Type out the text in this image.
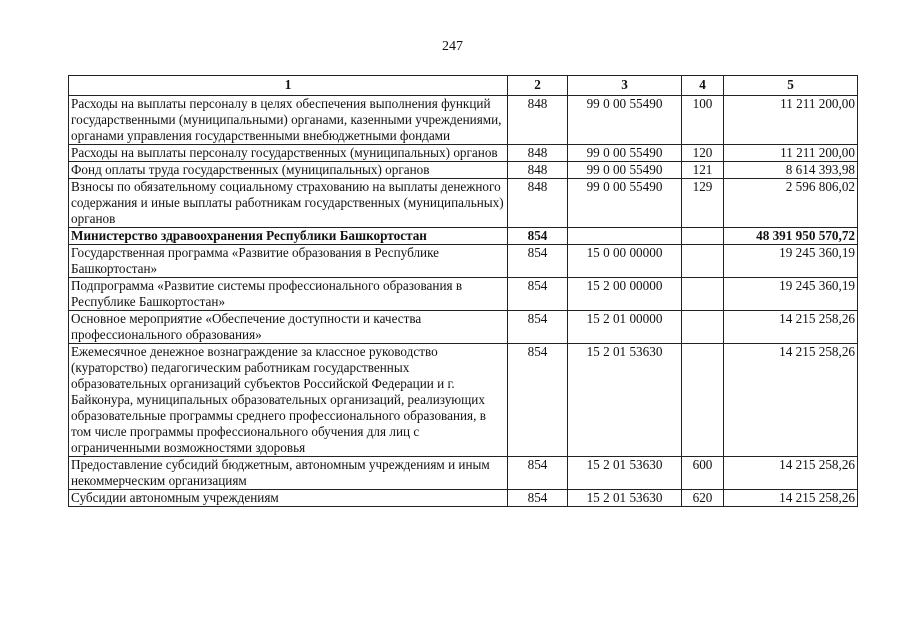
247
1	2	3	4	5
Расходы на выплаты персоналу в целях обеспечения выполнения функций государственными (муниципальными) органами, казенными учреждениями, органами управления государственными внебюджетными фондами	848	99 0 00 55490	100	11 211 200,00
Расходы на выплаты персоналу государственных (муниципальных) органов	848	99 0 00 55490	120	11 211 200,00
Фонд оплаты труда государственных (муниципальных) органов	848	99 0 00 55490	121	8 614 393,98
Взносы по обязательному социальному страхованию на выплаты денежного содержания и иные выплаты работникам государственных (муниципальных) органов	848	99 0 00 55490	129	2 596 806,02
Министерство здравоохранения Республики Башкортостан	854			48 391 950 570,72
Государственная программа «Развитие образования в Республике Башкортостан»	854	15 0 00 00000		19 245 360,19
Подпрограмма «Развитие системы профессионального образования в Республике Башкортостан»	854	15 2 00 00000		19 245 360,19
Основное мероприятие «Обеспечение доступности и качества профессионального образования»	854	15 2 01 00000		14 215 258,26
Ежемесячное денежное вознаграждение за классное руководство (кураторство) педагогическим работникам государственных образовательных организаций субъектов Российской Федерации и г. Байконура, муниципальных образовательных организаций, реализующих образовательные программы среднего профессионального образования, в том числе программы профессионального обучения для лиц с ограниченными возможностями здоровья	854	15 2 01 53630		14 215 258,26
Предоставление субсидий бюджетным, автономным учреждениям и иным некоммерческим организациям	854	15 2 01 53630	600	14 215 258,26
Субсидии автономным учреждениям	854	15 2 01 53630	620	14 215 258,26
